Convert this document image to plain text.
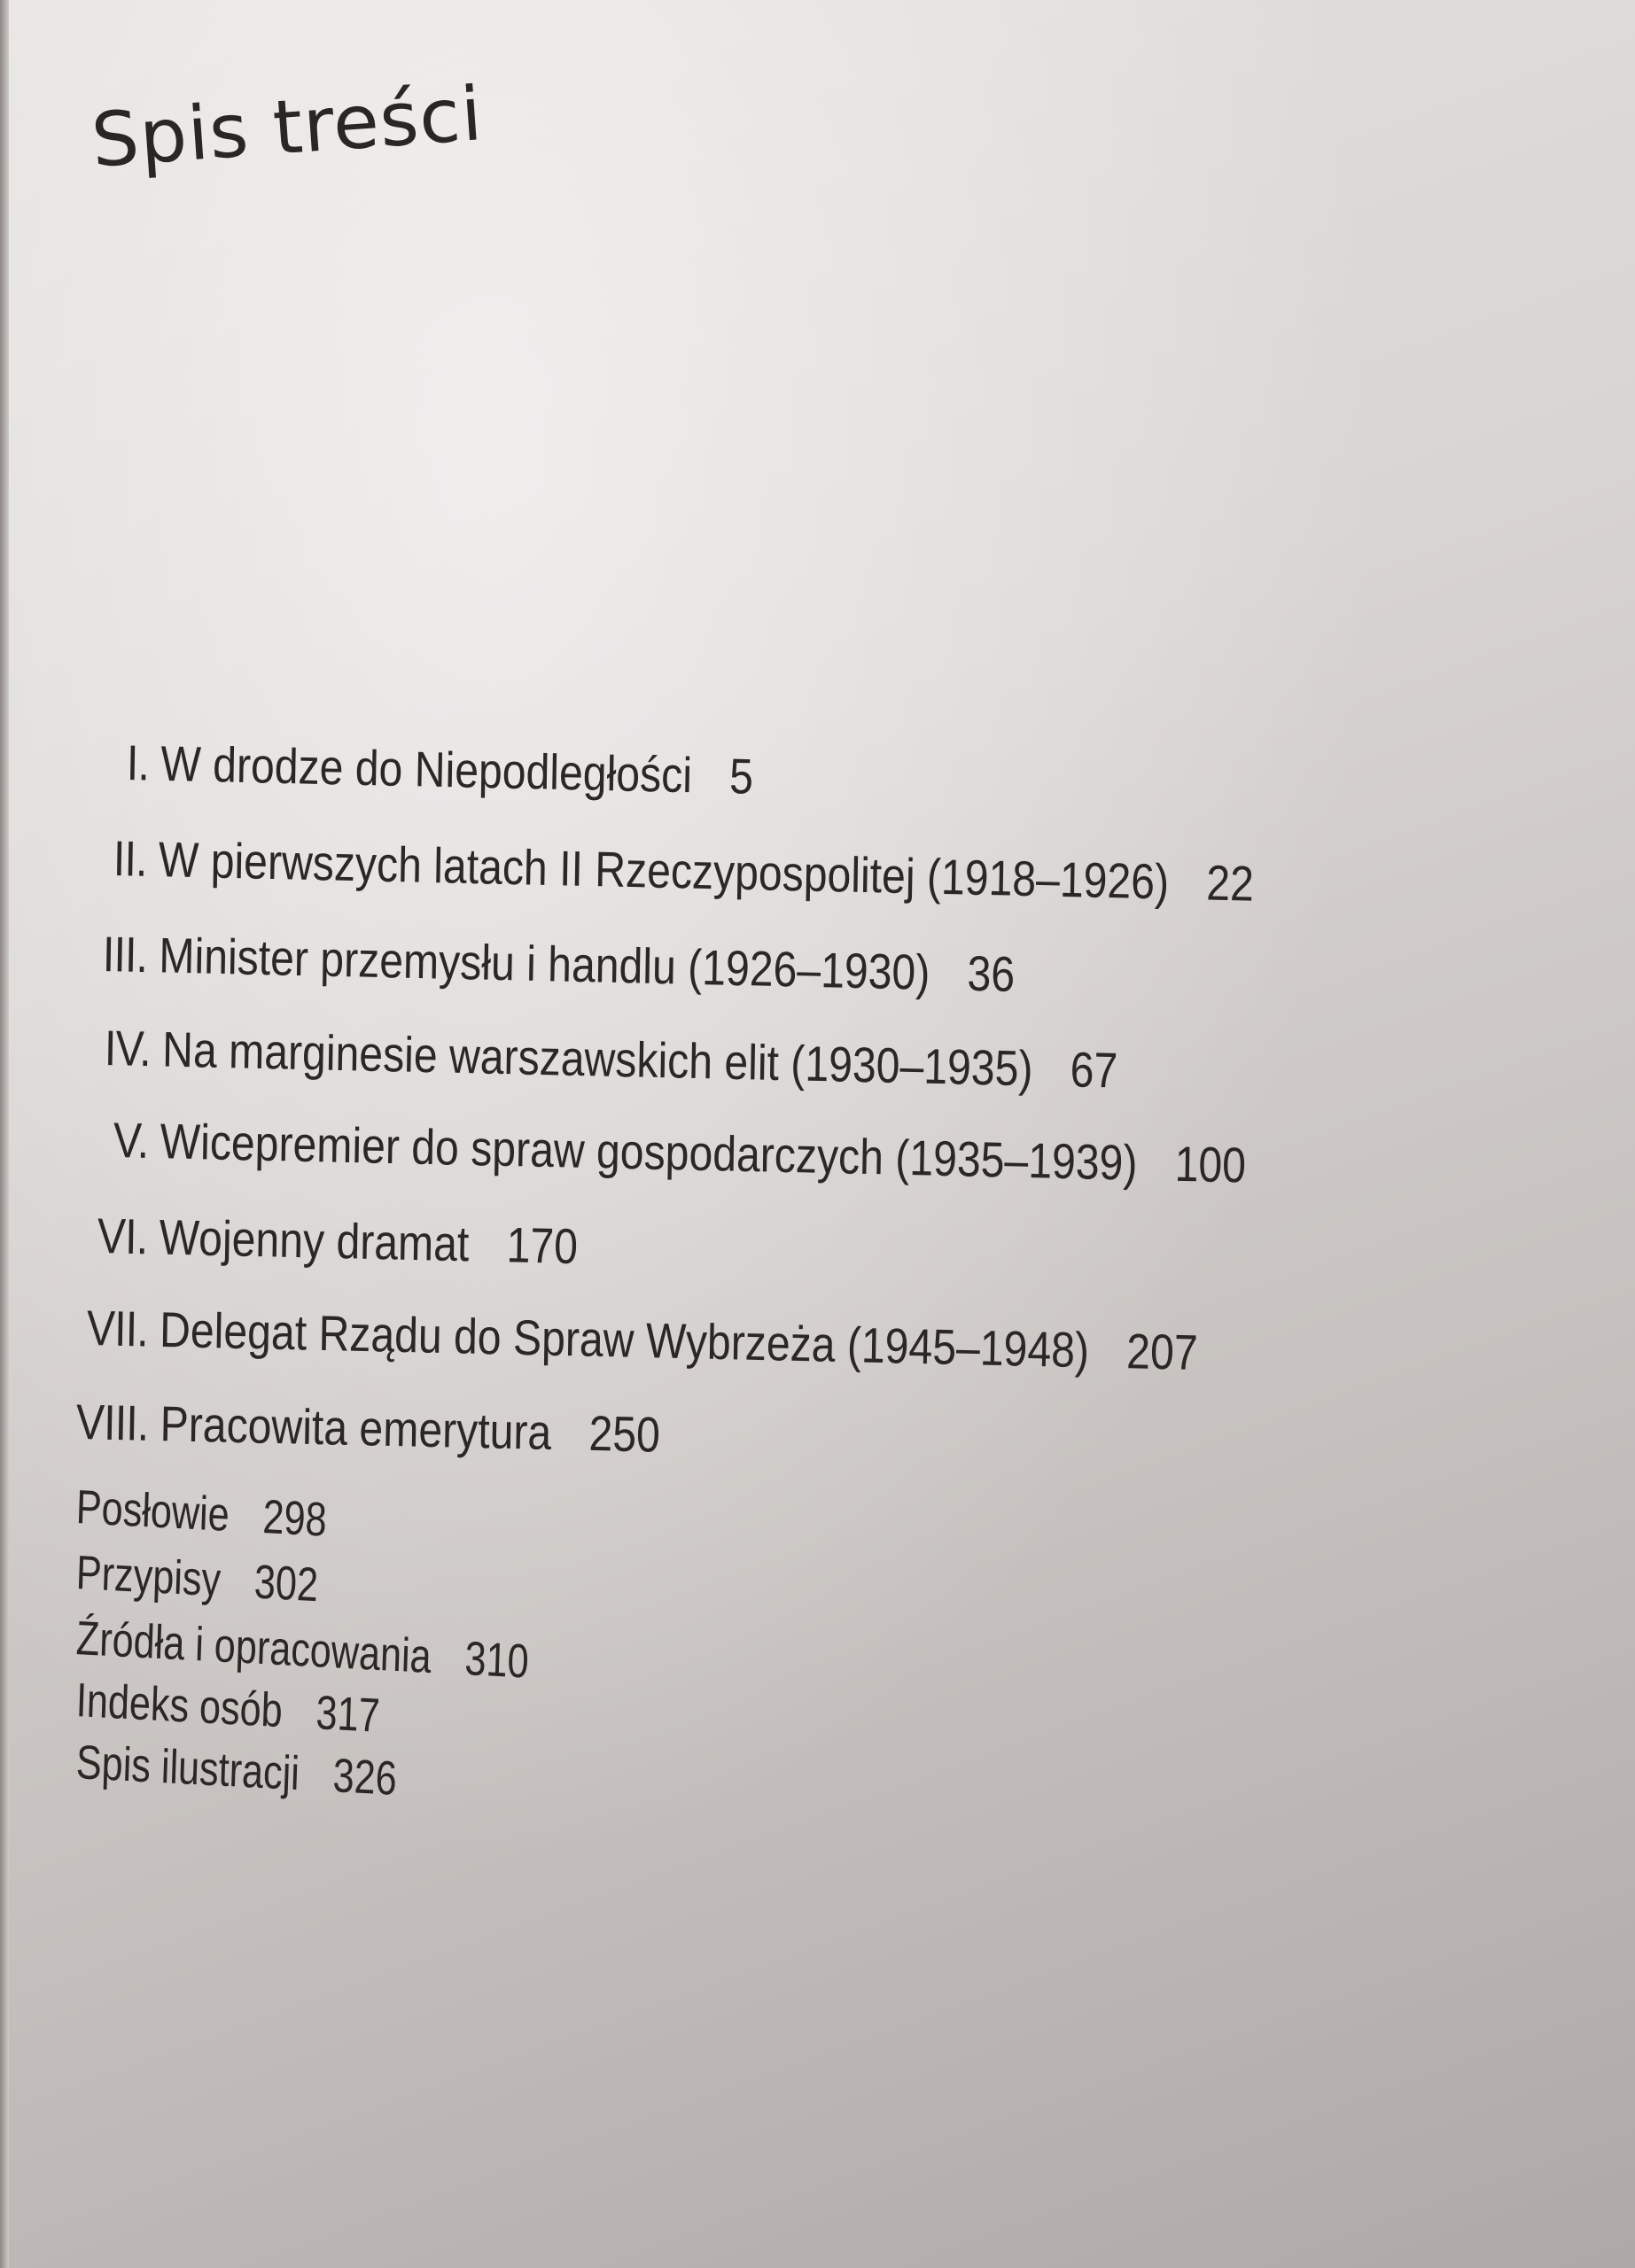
Spis treści
I. W drodze do Niepodległości 5
II. W pierwszych latach II Rzeczypospolitej (1918–1926) 22
III. Minister przemysłu i handlu (1926–1930) 36
IV. Na marginesie warszawskich elit (1930–1935) 67
V. Wicepremier do spraw gospodarczych (1935–1939) 100
VI. Wojenny dramat 170
VII. Delegat Rządu do Spraw Wybrzeża (1945–1948) 207
VIII. Pracowita emerytura 250
Posłowie 298
Przypisy 302
Źródła i opracowania 310
Indeks osób 317
Spis ilustracji 326
